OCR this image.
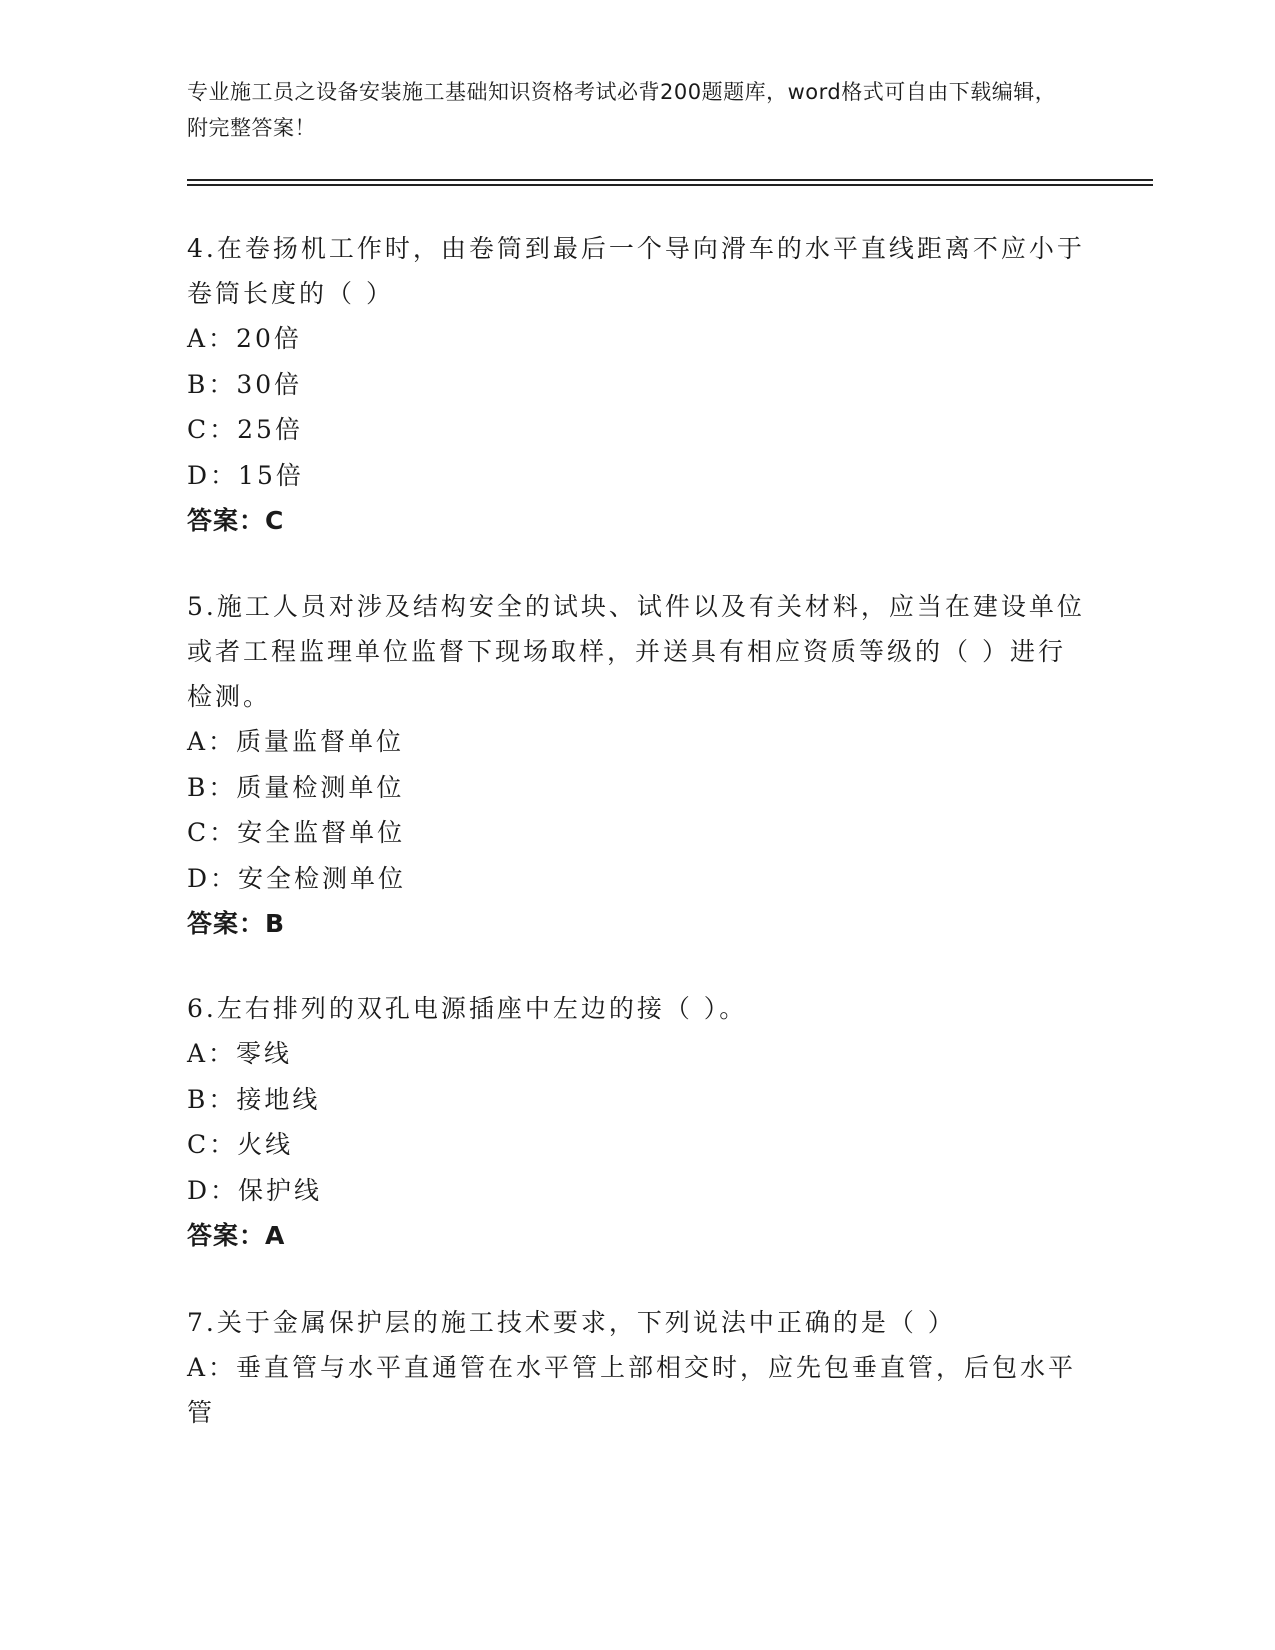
专业施工员之设备安装施工基础知识资格考试必背200题题库，word格式可自由下载编辑，附完整答案！

4.在卷扬机工作时，由卷筒到最后一个导向滑车的水平直线距离不应小于卷筒长度的（ ）

A：20倍

B：30倍

C：25倍

D：15倍

答案：C

5.施工人员对涉及结构安全的试块、试件以及有关材料，应当在建设单位或者工程监理单位监督下现场取样，并送具有相应资质等级的（ ）进行检测。

A：质量监督单位

B：质量检测单位

C：安全监督单位

D：安全检测单位

答案：B

6.左右排列的双孔电源插座中左边的接（ ）。

A：零线

B：接地线

C：火线

D：保护线

答案：A

7.关于金属保护层的施工技术要求，下列说法中正确的是（ ）

A：垂直管与水平直通管在水平管上部相交时，应先包垂直管，后包水平管
